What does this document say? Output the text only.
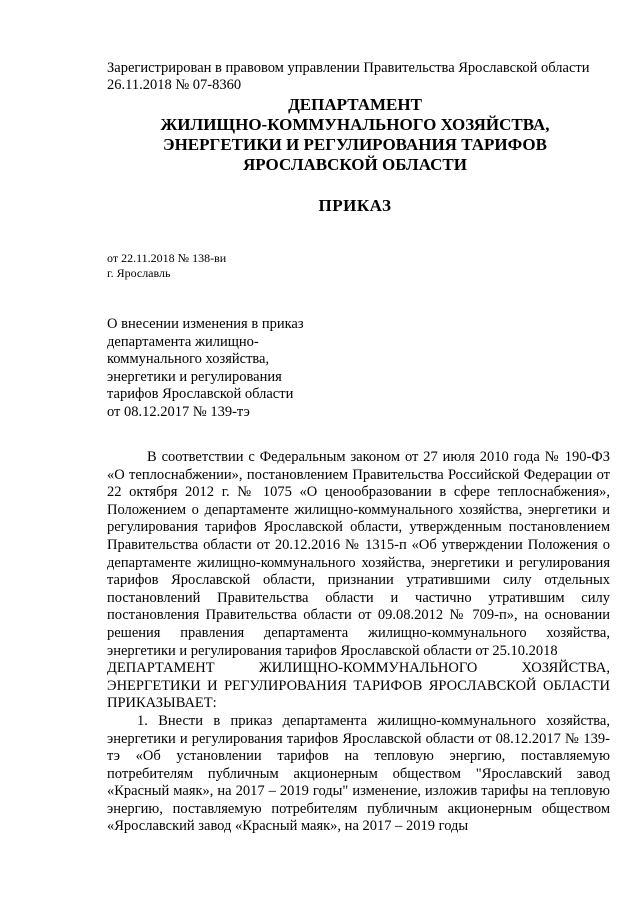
Зарегистрирован в правовом управлении Правительства Ярославской области
26.11.2018 № 07-8360
ДЕПАРТАМЕНТ
ЖИЛИЩНО-КОММУНАЛЬНОГО ХОЗЯЙСТВА,
ЭНЕРГЕТИКИ И РЕГУЛИРОВАНИЯ ТАРИФОВ
ЯРОСЛАВСКОЙ ОБЛАСТИ
ПРИКАЗ
от 22.11.2018 № 138-ви
г. Ярославль
О внесении изменения в приказ
департамента жилищно-
коммунального хозяйства,
энергетики и регулирования
тарифов Ярославской области
от 08.12.2017 № 139-тэ

В соответствии с Федеральным законом от 27 июля 2010 года № 190-ФЗ «О теплоснабжении», постановлением Правительства Российской Федерации от 22 октября 2012 г. № 1075 «О ценообразовании в сфере теплоснабжения», Положением о департаменте жилищно-коммунального хозяйства, энергетики и регулирования тарифов Ярославской области, утвержденным постановлением Правительства области от 20.12.2016 № 1315-п «Об утверждении Положения о департаменте жилищно-коммунального хозяйства, энергетики и регулирования тарифов Ярославской области, признании утратившими силу отдельных постановлений Правительства области и частично утратившим силу постановления Правительства области от 09.08.2012 № 709-п», на основании решения правления департамента жилищно-коммунального хозяйства, энергетики и регулирования тарифов Ярославской области от 25.10.2018

ДЕПАРТАМЕНТ ЖИЛИЩНО-КОММУНАЛЬНОГО ХОЗЯЙСТВА, ЭНЕРГЕТИКИ И РЕГУЛИРОВАНИЯ ТАРИФОВ ЯРОСЛАВСКОЙ ОБЛАСТИ ПРИКАЗЫВАЕТ:

1. Внести в приказ департамента жилищно-коммунального хозяйства, энергетики и регулирования тарифов Ярославской области от 08.12.2017 № 139-тэ «Об установлении тарифов на тепловую энергию, поставляемую потребителям публичным акционерным обществом "Ярославский завод «Красный маяк», на 2017 – 2019 годы" изменение, изложив тарифы на тепловую энергию, поставляемую потребителям публичным акционерным обществом «Ярославский завод «Красный маяк», на 2017 – 2019 годы
